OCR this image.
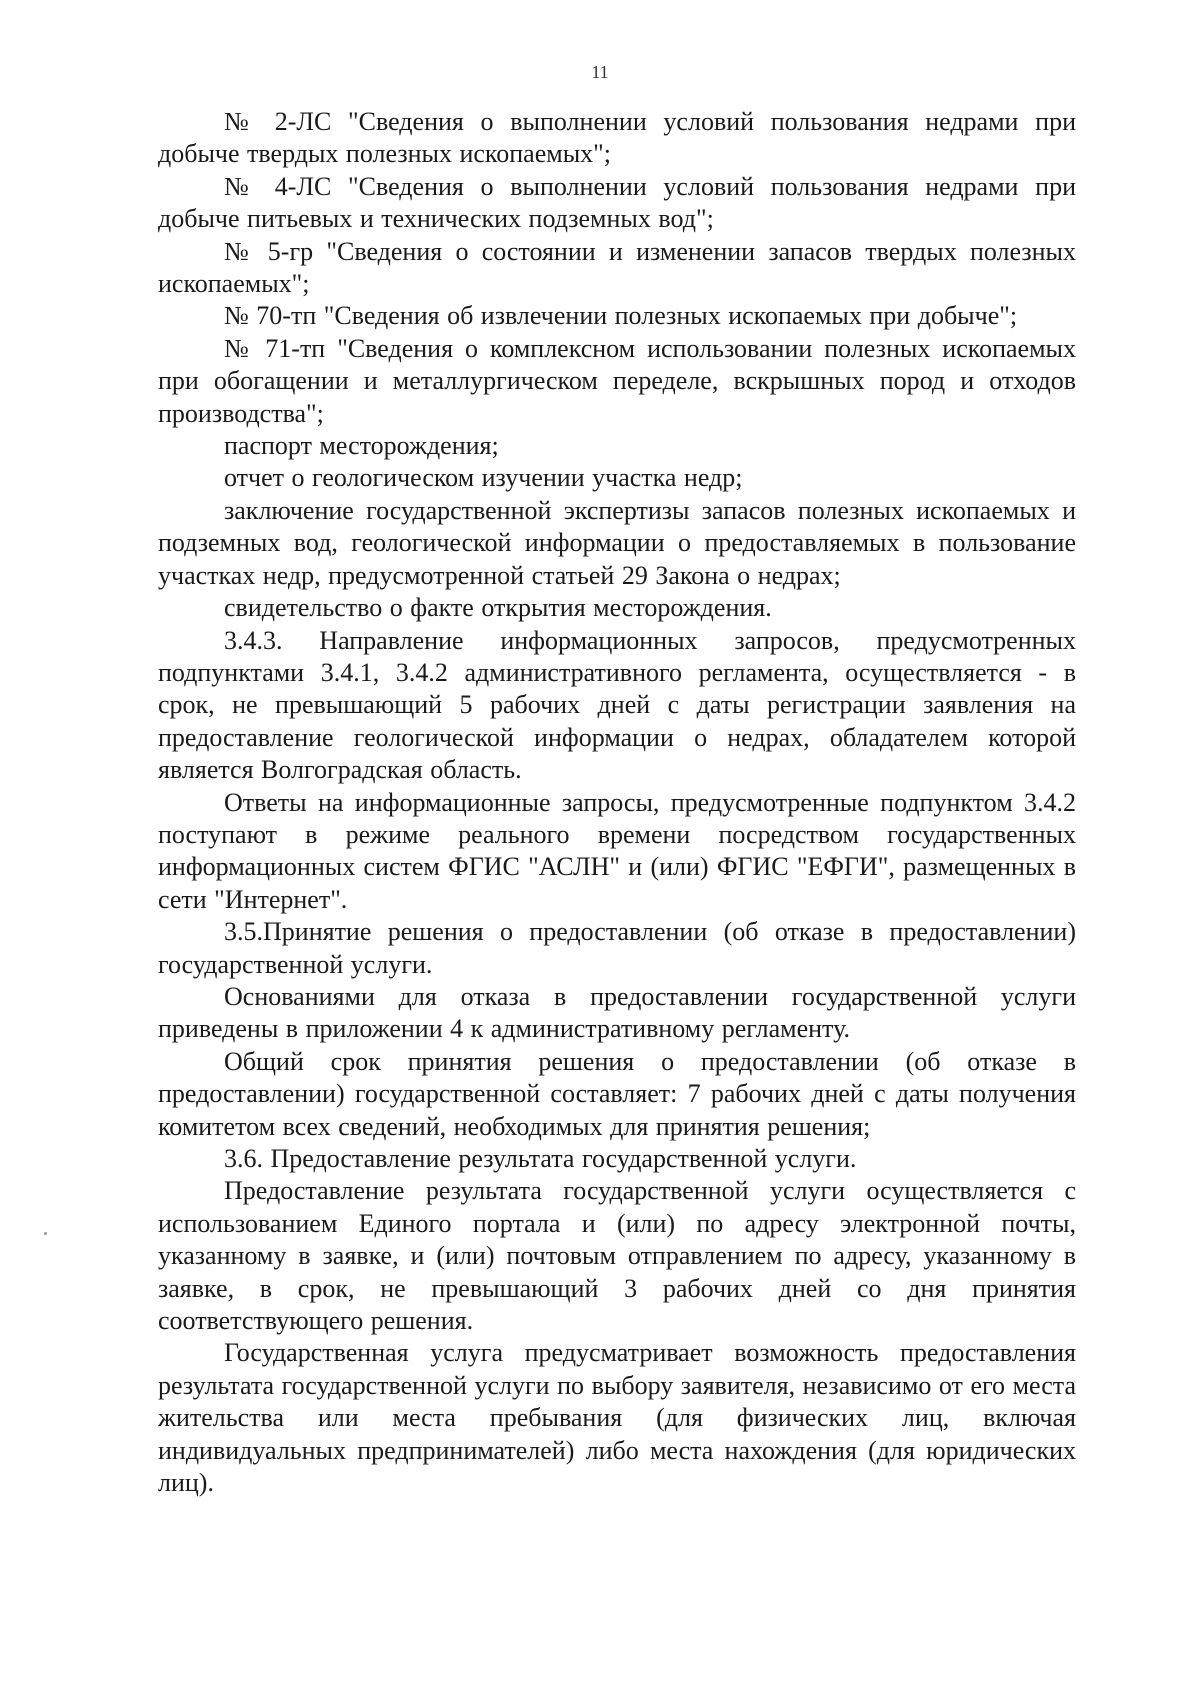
11

№ 2-ЛС "Сведения о выполнении условий пользования недрами при добыче твердых полезных ископаемых";

№ 4-ЛС "Сведения о выполнении условий пользования недрами при добыче питьевых и технических подземных вод";

№ 5-гр "Сведения о состоянии и изменении запасов твердых полезных ископаемых";

№ 70-тп "Сведения об извлечении полезных ископаемых при добыче";

№ 71-тп "Сведения о комплексном использовании полезных ископаемых при обогащении и металлургическом переделе, вскрышных пород и отходов производства";

паспорт месторождения;

отчет о геологическом изучении участка недр;

заключение государственной экспертизы запасов полезных ископаемых и подземных вод, геологической информации о предоставляемых в пользование участках недр, предусмотренной статьей 29 Закона о недрах;

свидетельство о факте открытия месторождения.

3.4.3. Направление информационных запросов, предусмотренных подпунктами 3.4.1, 3.4.2 административного регламента, осуществляется - в срок, не превышающий 5 рабочих дней с даты регистрации заявления на предоставление геологической информации о недрах, обладателем которой является Волгоградская область.

Ответы на информационные запросы, предусмотренные подпунктом 3.4.2 поступают в режиме реального времени посредством государственных информационных систем ФГИС "АСЛН" и (или) ФГИС "ЕФГИ", размещенных в сети "Интернет".

3.5.Принятие решения о предоставлении (об отказе в предоставлении) государственной услуги.

Основаниями для отказа в предоставлении государственной услуги приведены в приложении 4 к административному регламенту.

Общий срок принятия решения о предоставлении (об отказе в предоставлении) государственной составляет: 7 рабочих дней с даты получения комитетом всех сведений, необходимых для принятия решения;

3.6. Предоставление результата государственной услуги.

Предоставление результата государственной услуги осуществляется с использованием Единого портала и (или) по адресу электронной почты, указанному в заявке, и (или) почтовым отправлением по адресу, указанному в заявке, в срок, не превышающий 3 рабочих дней со дня принятия соответствующего решения.

Государственная услуга предусматривает возможность предоставления результата государственной услуги по выбору заявителя, независимо от его места жительства или места пребывания (для физических лиц, включая индивидуальных предпринимателей) либо места нахождения (для юридических лиц).
